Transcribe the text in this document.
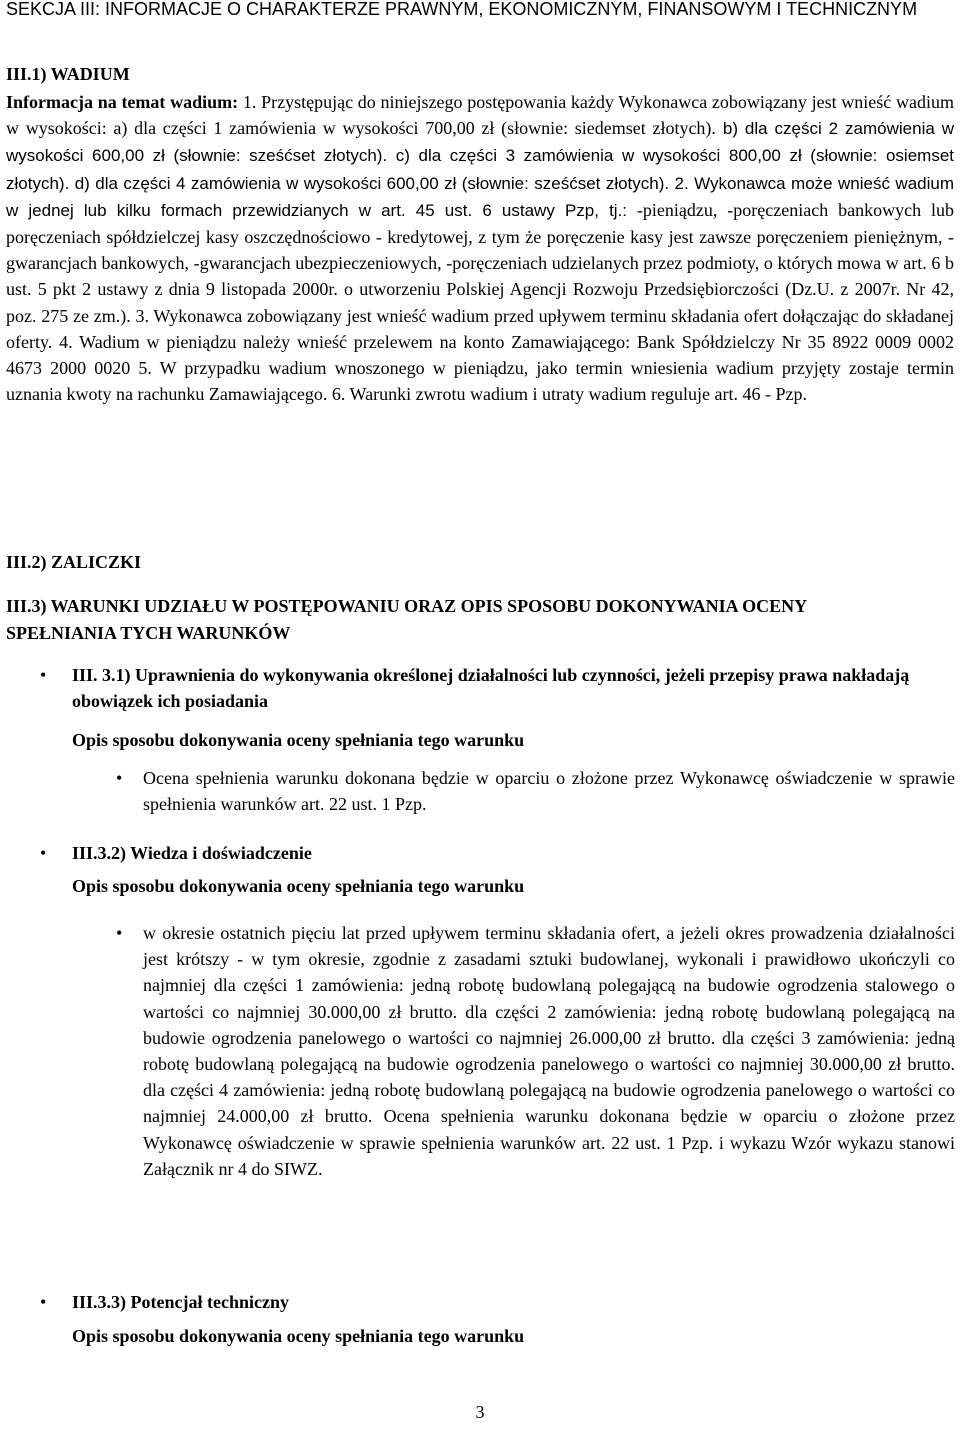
SEKCJA III: INFORMACJE O CHARAKTERZE PRAWNYM, EKONOMICZNYM, FINANSOWYM I TECHNICZNYM
III.1) WADIUM

Informacja na temat wadium: 1. Przystępując do niniejszego postępowania każdy Wykonawca zobowiązany jest wnieść wadium w wysokości: a) dla części 1 zamówienia w wysokości 700,00 zł (słownie: siedemset złotych). b) dla części 2 zamówienia w wysokości 600,00 zł (słownie: sześćset złotych). c) dla części 3 zamówienia w wysokości 800,00 zł (słownie: osiemset złotych). d) dla części 4 zamówienia w wysokości 600,00 zł (słownie: sześćset złotych). 2. Wykonawca może wnieść wadium w jednej lub kilku formach przewidzianych w art. 45 ust. 6 ustawy Pzp, tj.: -pieniądzu, -poręczeniach bankowych lub poręczeniach spółdzielczej kasy oszczędnościowo - kredytowej, z tym że poręczenie kasy jest zawsze poręczeniem pieniężnym, -gwarancjach bankowych, -gwarancjach ubezpieczeniowych, -poręczeniach udzielanych przez podmioty, o których mowa w art. 6 b ust. 5 pkt 2 ustawy z dnia 9 listopada 2000r. o utworzeniu Polskiej Agencji Rozwoju Przedsiębiorczości (Dz.U. z 2007r. Nr 42, poz. 275 ze zm.). 3. Wykonawca zobowiązany jest wnieść wadium przed upływem terminu składania ofert dołączając do składanej oferty. 4. Wadium w pieniądzu należy wnieść przelewem na konto Zamawiającego: Bank Spółdzielczy Nr 35 8922 0009 0002 4673 2000 0020 5. W przypadku wadium wnoszonego w pieniądzu, jako termin wniesienia wadium przyjęty zostaje termin uznania kwoty na rachunku Zamawiającego. 6. Warunki zwrotu wadium i utraty wadium reguluje art. 46 - Pzp.

III.2) ZALICZKI
III.3) WARUNKI UDZIAŁU W POSTĘPOWANIU ORAZ OPIS SPOSOBU DOKONYWANIA OCENY SPEŁNIANIA TYCH WARUNKÓW
• III. 3.1) Uprawnienia do wykonywania określonej działalności lub czynności, jeżeli przepisy prawa nakładają obowiązek ich posiadania
Opis sposobu dokonywania oceny spełniania tego warunku
• Ocena spełnienia warunku dokonana będzie w oparciu o złożone przez Wykonawcę oświadczenie w sprawie spełnienia warunków art. 22 ust. 1 Pzp.

• III.3.2) Wiedza i doświadczenie
Opis sposobu dokonywania oceny spełniania tego warunku
• w okresie ostatnich pięciu lat przed upływem terminu składania ofert, a jeżeli okres prowadzenia działalności jest krótszy - w tym okresie, zgodnie z zasadami sztuki budowlanej, wykonali i prawidłowo ukończyli co najmniej dla części 1 zamówienia: jedną robotę budowlaną polegającą na budowie ogrodzenia stalowego o wartości co najmniej 30.000,00 zł brutto. dla części 2 zamówienia: jedną robotę budowlaną polegającą na budowie ogrodzenia panelowego o wartości co najmniej 26.000,00 zł brutto. dla części 3 zamówienia: jedną robotę budowlaną polegającą na budowie ogrodzenia panelowego o wartości co najmniej 30.000,00 zł brutto. dla części 4 zamówienia: jedną robotę budowlaną polegającą na budowie ogrodzenia panelowego o wartości co najmniej 24.000,00 zł brutto. Ocena spełnienia warunku dokonana będzie w oparciu o złożone przez Wykonawcę oświadczenie w sprawie spełnienia warunków art. 22 ust. 1 Pzp. i wykazu Wzór wykazu stanowi Załącznik nr 4 do SIWZ.

• III.3.3) Potencjał techniczny
Opis sposobu dokonywania oceny spełniania tego warunku

3
